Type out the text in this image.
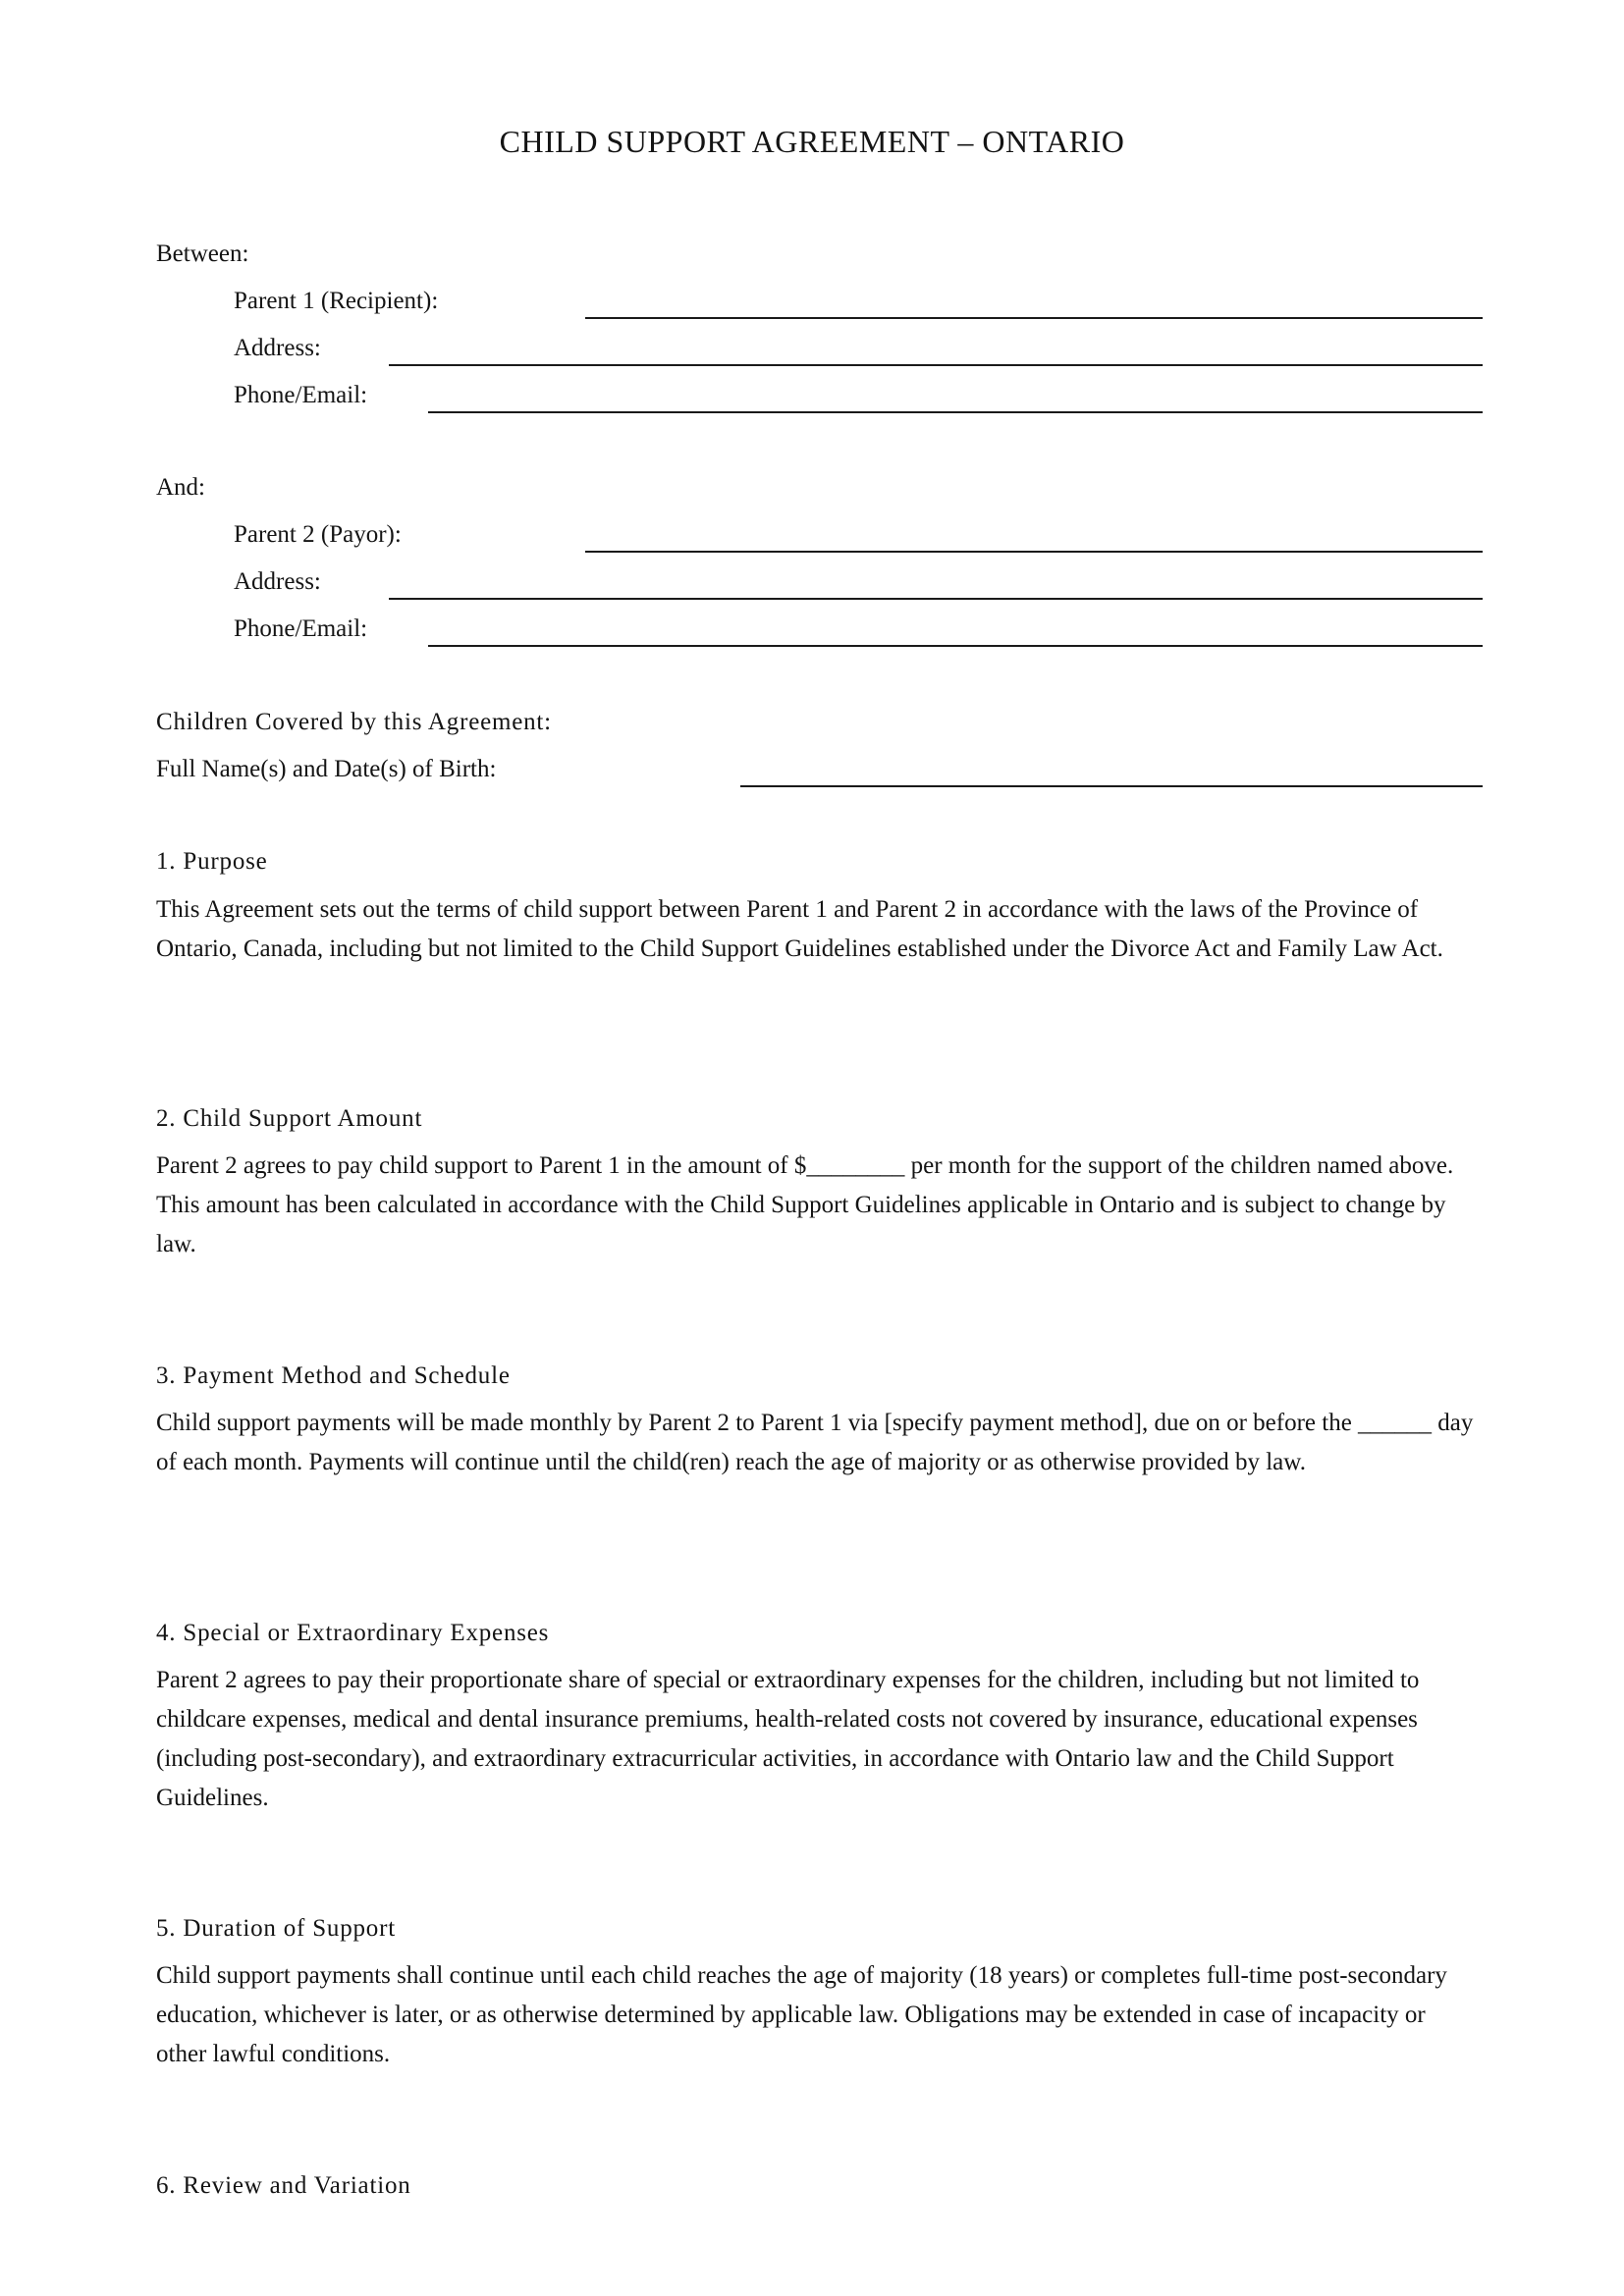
CHILD SUPPORT AGREEMENT – ONTARIO
Between:
Parent 1 (Recipient):
Address:
Phone/Email:
And:
Parent 2 (Payor):
Address:
Phone/Email:
Children Covered by this Agreement:
Full Name(s) and Date(s) of Birth:
1. Purpose
This Agreement sets out the terms of child support between Parent 1 and Parent 2 in accordance with the laws of the Province of Ontario, Canada, including but not limited to the Child Support Guidelines established under the Divorce Act and Family Law Act.
2. Child Support Amount
Parent 2 agrees to pay child support to Parent 1 in the amount of $________ per month for the support of the children named above. This amount has been calculated in accordance with the Child Support Guidelines applicable in Ontario and is subject to change by law.
3. Payment Method and Schedule
Child support payments will be made monthly by Parent 2 to Parent 1 via [specify payment method], due on or before the ______ day of each month. Payments will continue until the child(ren) reach the age of majority or as otherwise provided by law.
4. Special or Extraordinary Expenses
Parent 2 agrees to pay their proportionate share of special or extraordinary expenses for the children, including but not limited to childcare expenses, medical and dental insurance premiums, health-related costs not covered by insurance, educational expenses (including post-secondary), and extraordinary extracurricular activities, in accordance with Ontario law and the Child Support Guidelines.
5. Duration of Support
Child support payments shall continue until each child reaches the age of majority (18 years) or completes full-time post-secondary education, whichever is later, or as otherwise determined by applicable law. Obligations may be extended in case of incapacity or other lawful conditions.
6. Review and Variation
